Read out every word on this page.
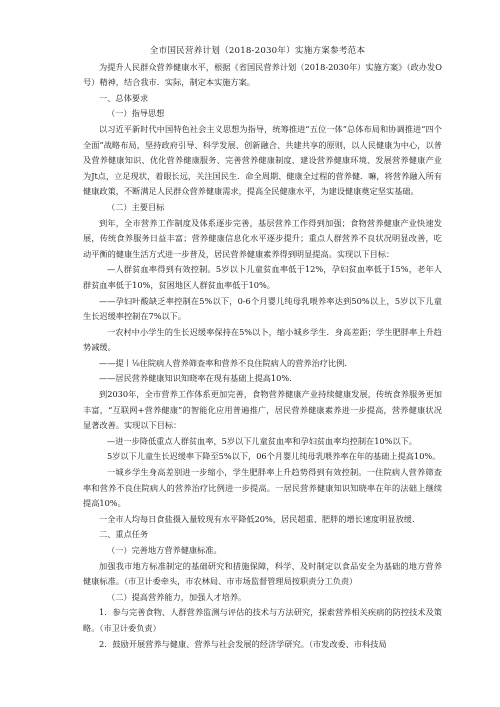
全市国民营养计划（2018-2030年）实施方案参考范本

为提升人民群众营养健康水平，根据《省国民营养计划（2018-2030年）实施方案》（政办发O号）精神，结合我市．实际，制定本实施方案。

一、总体要求

（一）指导思想

以习近平新时代中国特色社会主义思想为指导，统筹推进“五位一体”总体布局和协调推进“四个全面”战略布局，坚持政府引导、科学发展、创新融合、共建共享的原则，以人民健康为中心，以普及营养健康知识、优化营养健康服务、完善营养健康制度、建设营养健康环境、发展营养健康产业为Jt点，立足现状，着眼长远，关注国民生．命全周期、健康全过程的营养健．嘛，将营养融入所有健康政策，不断满足人民群众营养健康需求，提高全民健康水平，为建设健康奠定坚实基础。

（二）主要目标

到年，全市营养工作制度及体系逐步完善，基层营养工作得到加强；食物营养健康产业快速发展，传统食养服务日益丰富；营养健康信息化水平逐步提升；重点人群营养不良状况明显改善，吃动平衡的健康生活方式进一步普及，居民营养健康素养得到明显提高。实现以下目标：

—人群贫血率得到有效控制。5岁以卜儿童贫血率低于12%，孕妇贫血率低于15%，老年人群贫血率低于10%，贫困地区人群贫血率低于10%。

——孕妇叶酸缺乏率控制在5%以下，0-6个月婴儿纯母乳喂养率达到50%以上，5岁以下儿童生长迟缓率控制在7%以下。

一农村中小学生的生长迟缓率保持在5%以卜，缩小城乡学生．身高差距；学生肥胖率上升趋势减缓。

——提丨⅛住院病人营养筛查率和营养不良住院病人的营养治疗比例.

——居民营养健康知识知晓率在现有基础上提高10%.

到2030年，全市营养工作体系更加完善，食物营养健康产业持续健康发展，传统食养服务更加丰富，“互联网+营养健康”的智能化应用普遍推广，居民营养健康素养进一步提高，营养健康状况显著改善。实现以下目标：

—进一步降低重点人群贫血率，5岁以下儿童贫血率和孕妇贫血率均控制在10%以下。

5岁以下儿童生长迟缓率下降至5%以下，06个月婴儿纯母乳喂养率在年的基础上提高10%。

一城乡学生身高差别进一步缩小，学生肥胖率上升趋势得到有效控制。一住院病人营养筛查率和营养不良住院病人的营养治疗比例进一步提高。一居民营养健康知识知晓率在年的法础上继续提高10%。

一全市人均每日食盐摄入量较现有水平降低20%，居民超重、肥胖的增长速度明显放缓.

二、重点任务

（一）完善地方营养健康标准。

加强我市地方标准制定的基础研究和措施保障，科学、及时制定以食品安全为基础的地方营养健康标准。（市卫计委牵头，市农林局、市市场监督管理局按职责分工负责）

（二）提高营养能力，加强人才培养。

1．参与完善食物、人群营养监测与评估的技术与方法研究，探索营养相关疾病的防控技术及策略。（市卫计委负责）

2．鼓励开展营养与健康、营养与社会发展的经济学研究。（市发改委、市科技局
